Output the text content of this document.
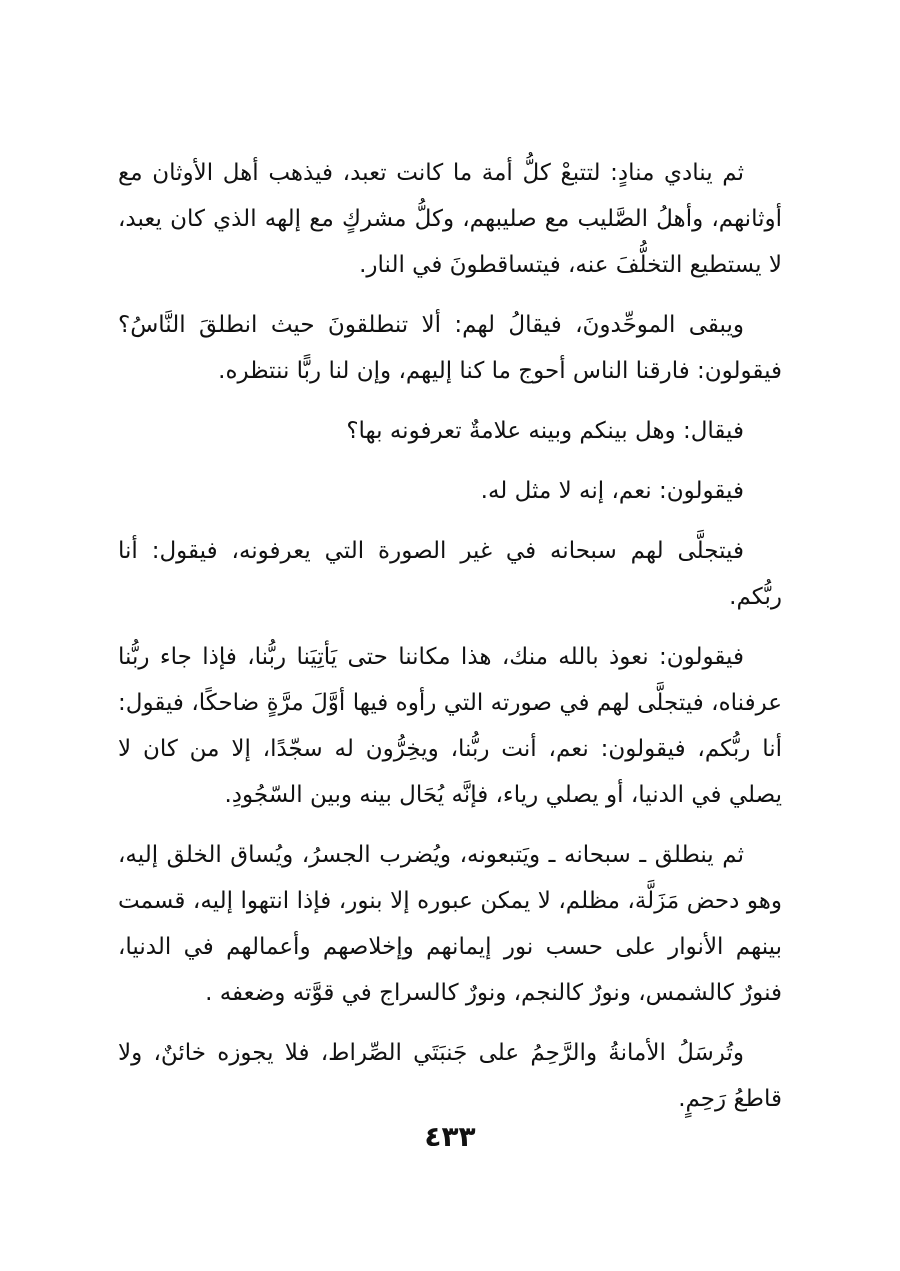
ثم ينادي منادٍ: لتتبعْ كلُّ أمة ما كانت تعبد، فيذهب أهل الأوثان مع أوثانهم، وأهلُ الصَّليب مع صليبهم، وكلُّ مشركٍ مع إلهه الذي كان يعبد، لا يستطيع التخلُّفَ عنه، فيتساقطونَ في النار.

ويبقى الموحِّدونَ، فيقالُ لهم: ألا تنطلقونَ حيث انطلقَ النَّاسُ؟ فيقولون: فارقنا الناس أحوج ما كنا إليهم، وإن لنا ربًّا ننتظره.

فيقال: وهل بينكم وبينه علامةٌ تعرفونه بها؟

فيقولون: نعم، إنه لا مثل له.

فيتجلَّى لهم سبحانه في غير الصورة التي يعرفونه، فيقول: أنا ربُّكم.

فيقولون: نعوذ بالله منك، هذا مكاننا حتى يَأتِيَنا ربُّنا، فإذا جاء ربُّنا عرفناه، فيتجلَّى لهم في صورته التي رأوه فيها أوَّلَ مرَّةٍ ضاحكًا، فيقول: أنا ربُّكم، فيقولون: نعم، أنت ربُّنا، ويخِرُّون له سجّدًا، إلا من كان لا يصلي في الدنيا، أو يصلي رياء، فإنَّه يُحَال بينه وبين السّجُودِ.

ثم ينطلق ـ سبحانه ـ ويَتبعونه، ويُضرب الجسرُ، ويُساق الخلق إليه، وهو دحض مَزَلَّة، مظلم، لا يمكن عبوره إلا بنور، فإذا انتهوا إليه، قسمت بينهم الأنوار على حسب نور إيمانهم وإخلاصهم وأعمالهم في الدنيا، فنورٌ كالشمس، ونورٌ كالنجم، ونورٌ كالسراج في قوَّته وضعفه .

وتُرسَلُ الأمانةُ والرَّحِمُ على جَنبَتَي الصِّراط، فلا يجوزه خائنٌ، ولا قاطعُ رَحِمٍ.

٤٣٣
